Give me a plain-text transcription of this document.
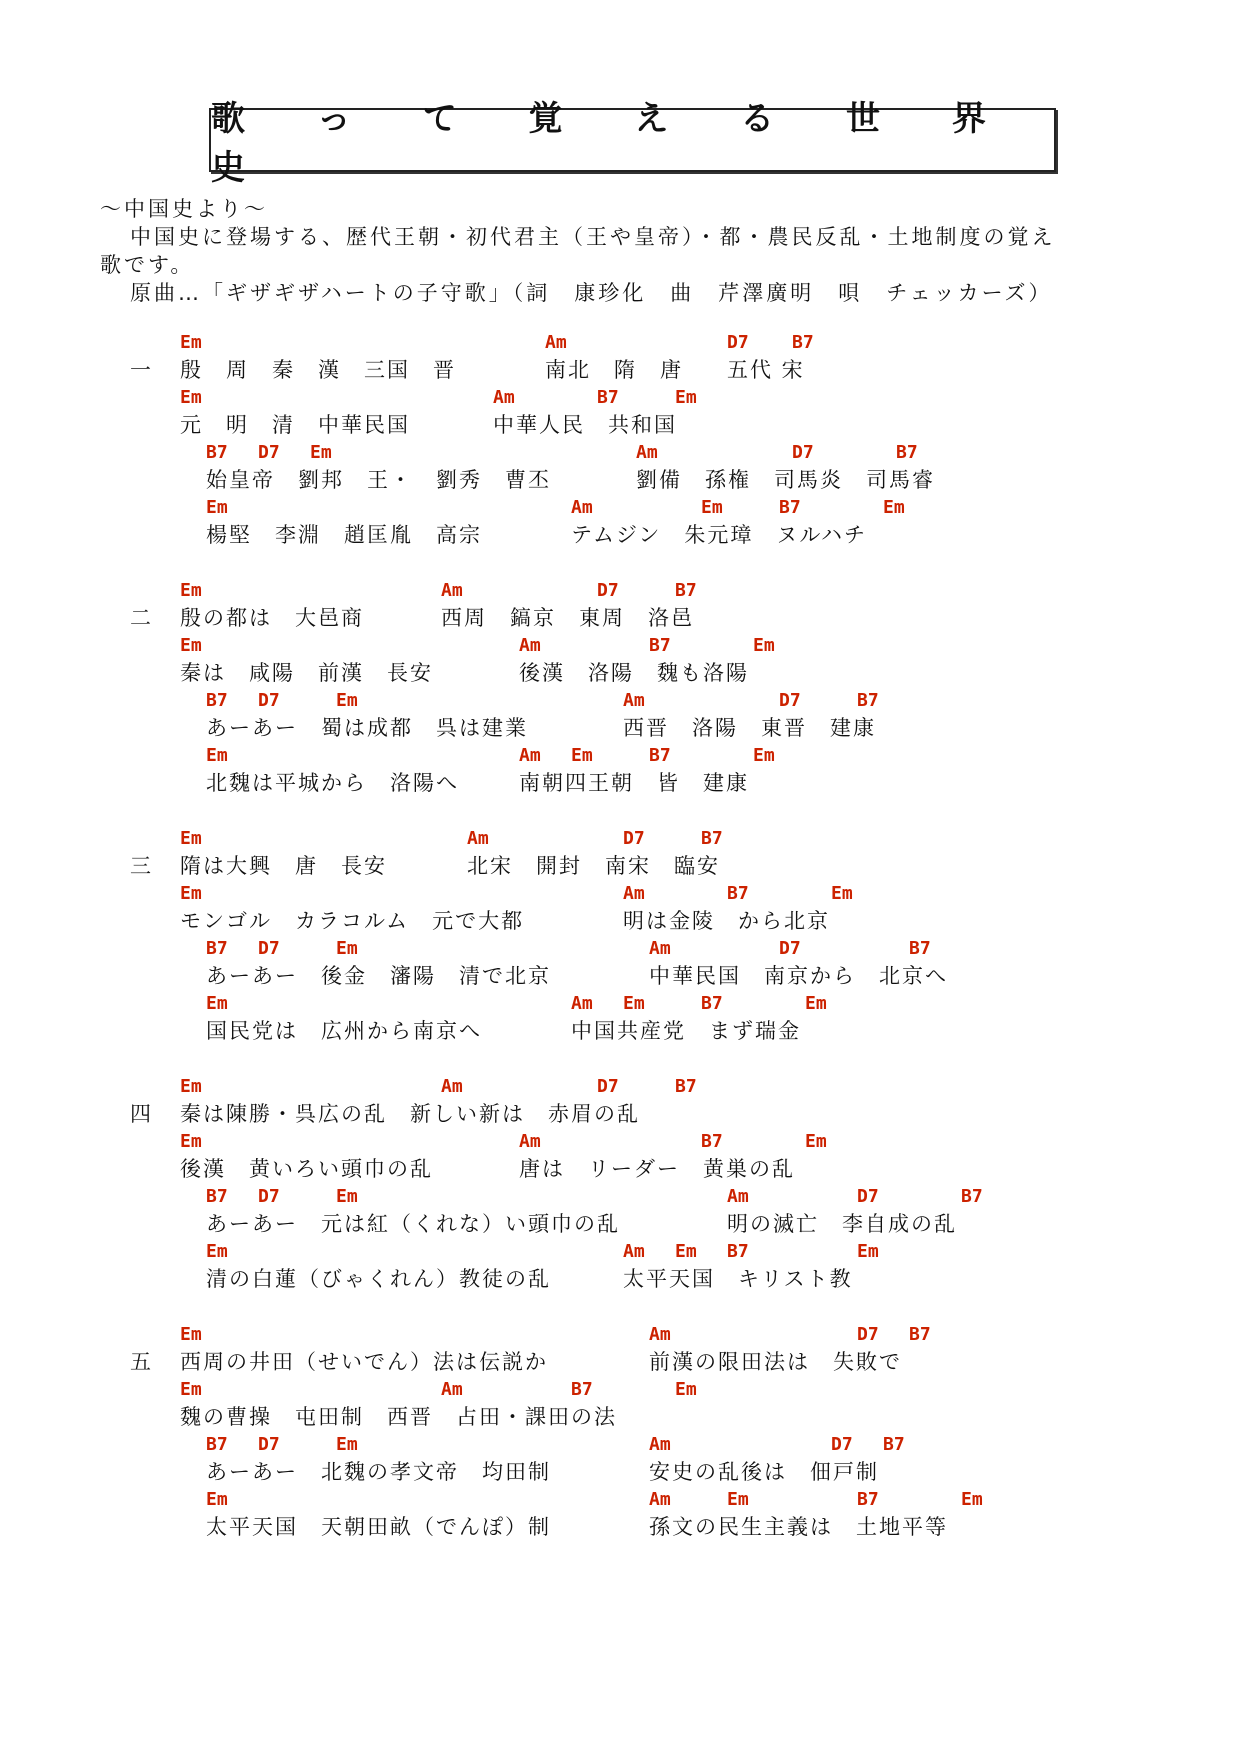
歌 っ て 覚 え る 世 界 史
～中国史より～
中国史に登場する、歴代王朝・初代君主（王や皇帝）・都・農民反乱・土地制度の覚え
歌です。
原曲…「ギザギザハートの子守歌」（詞　康珍化　曲　芹澤廣明　唄　チェッカーズ）
一
Em	Am	D7 B7
殷　周　秦　漢　三国　晋	南北　隋　唐 五代 宋
Em	Am	B7	Em
元　明　清　中華民国	中華人民　共和国
B7 D7 Em	Am	D7	B7
始皇帝　劉邦　王・　劉秀　曹丕	劉備　孫権　司馬炎　司馬睿
Em	Am	Em	B7	Em
楊堅　李淵　趙匡胤　高宗	テムジン　朱元璋　ヌルハチ
二
Em	Am	D7	B7
殷の都は　大邑商	西周　鎬京　東周　洛邑
Em	Am	B7	Em
秦は　咸陽　前漢　長安	後漢　洛陽　魏も洛陽
B7 D7	Em	Am	D7	B7
あーあー　蜀は成都　呉は建業	西晋　洛陽　東晋　建康
Em	Am Em	B7	Em
北魏は平城から　洛陽へ	南朝四王朝　皆　建康
三
Em	Am	D7	B7
隋は大興　唐　長安	北宋　開封　南宋　臨安
Em	Am	B7	Em
モンゴル　カラコルム　元で大都	明は金陵　から北京
B7 D7	Em	Am	D7	B7
あーあー　後金　瀋陽　清で北京	中華民国　南京から　北京へ
Em	Am Em	B7	Em
国民党は　広州から南京へ	中国共産党　まず瑞金
四
Em	Am	D7	B7
秦は陳勝・呉広の乱　新しい新は　赤眉の乱
Em	Am	B7	Em
後漢　黄いろい頭巾の乱	唐は　リーダー　黄巣の乱
B7 D7	Em	Am	D7	B7
あーあー　元は紅（くれな）い頭巾の乱	明の滅亡　李自成の乱
Em	Am Em B7	Em
清の白蓮（びゃくれん）教徒の乱	太平天国　キリスト教
五
Em	Am	D7 B7
西周の井田（せいでん）法は伝説か	前漢の限田法は　失敗で
Em	Am	B7	Em
魏の曹操　屯田制　西晋　占田・課田の法
B7 D7	Em	Am	D7 B7
あーあー　北魏の孝文帝　均田制	安史の乱後は　佃戸制
Em	Am	Em	B7	Em
太平天国　天朝田畝（でんぽ）制	孫文の民生主義は　土地平等
